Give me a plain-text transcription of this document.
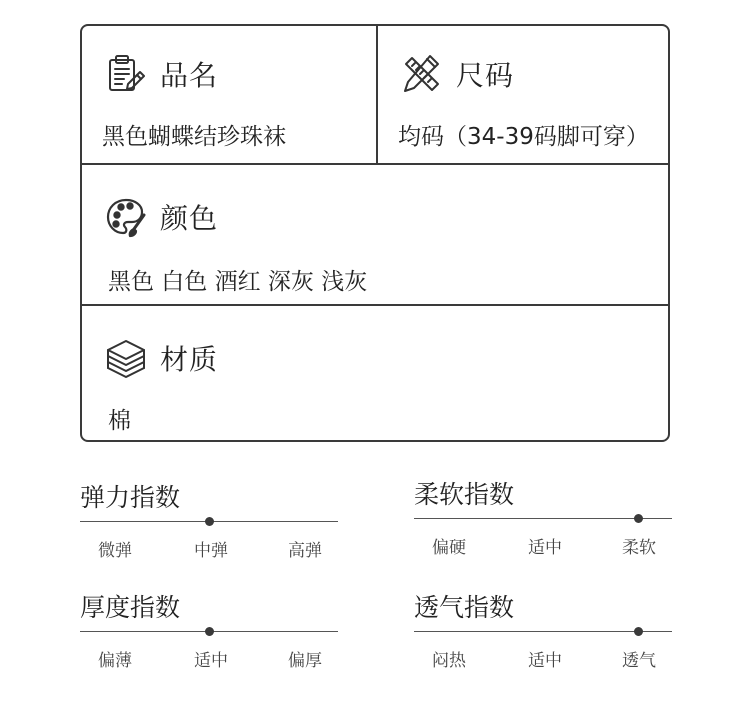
品名
黑色蝴蝶结珍珠袜
尺码
均码（34-39码脚可穿）
颜色
黑色 白色 酒红 深灰 浅灰
材质
棉
弹力指数
微弹	中弹	高弹
柔软指数
偏硬	适中	柔软
厚度指数
偏薄	适中	偏厚
透气指数
闷热	适中	透气
